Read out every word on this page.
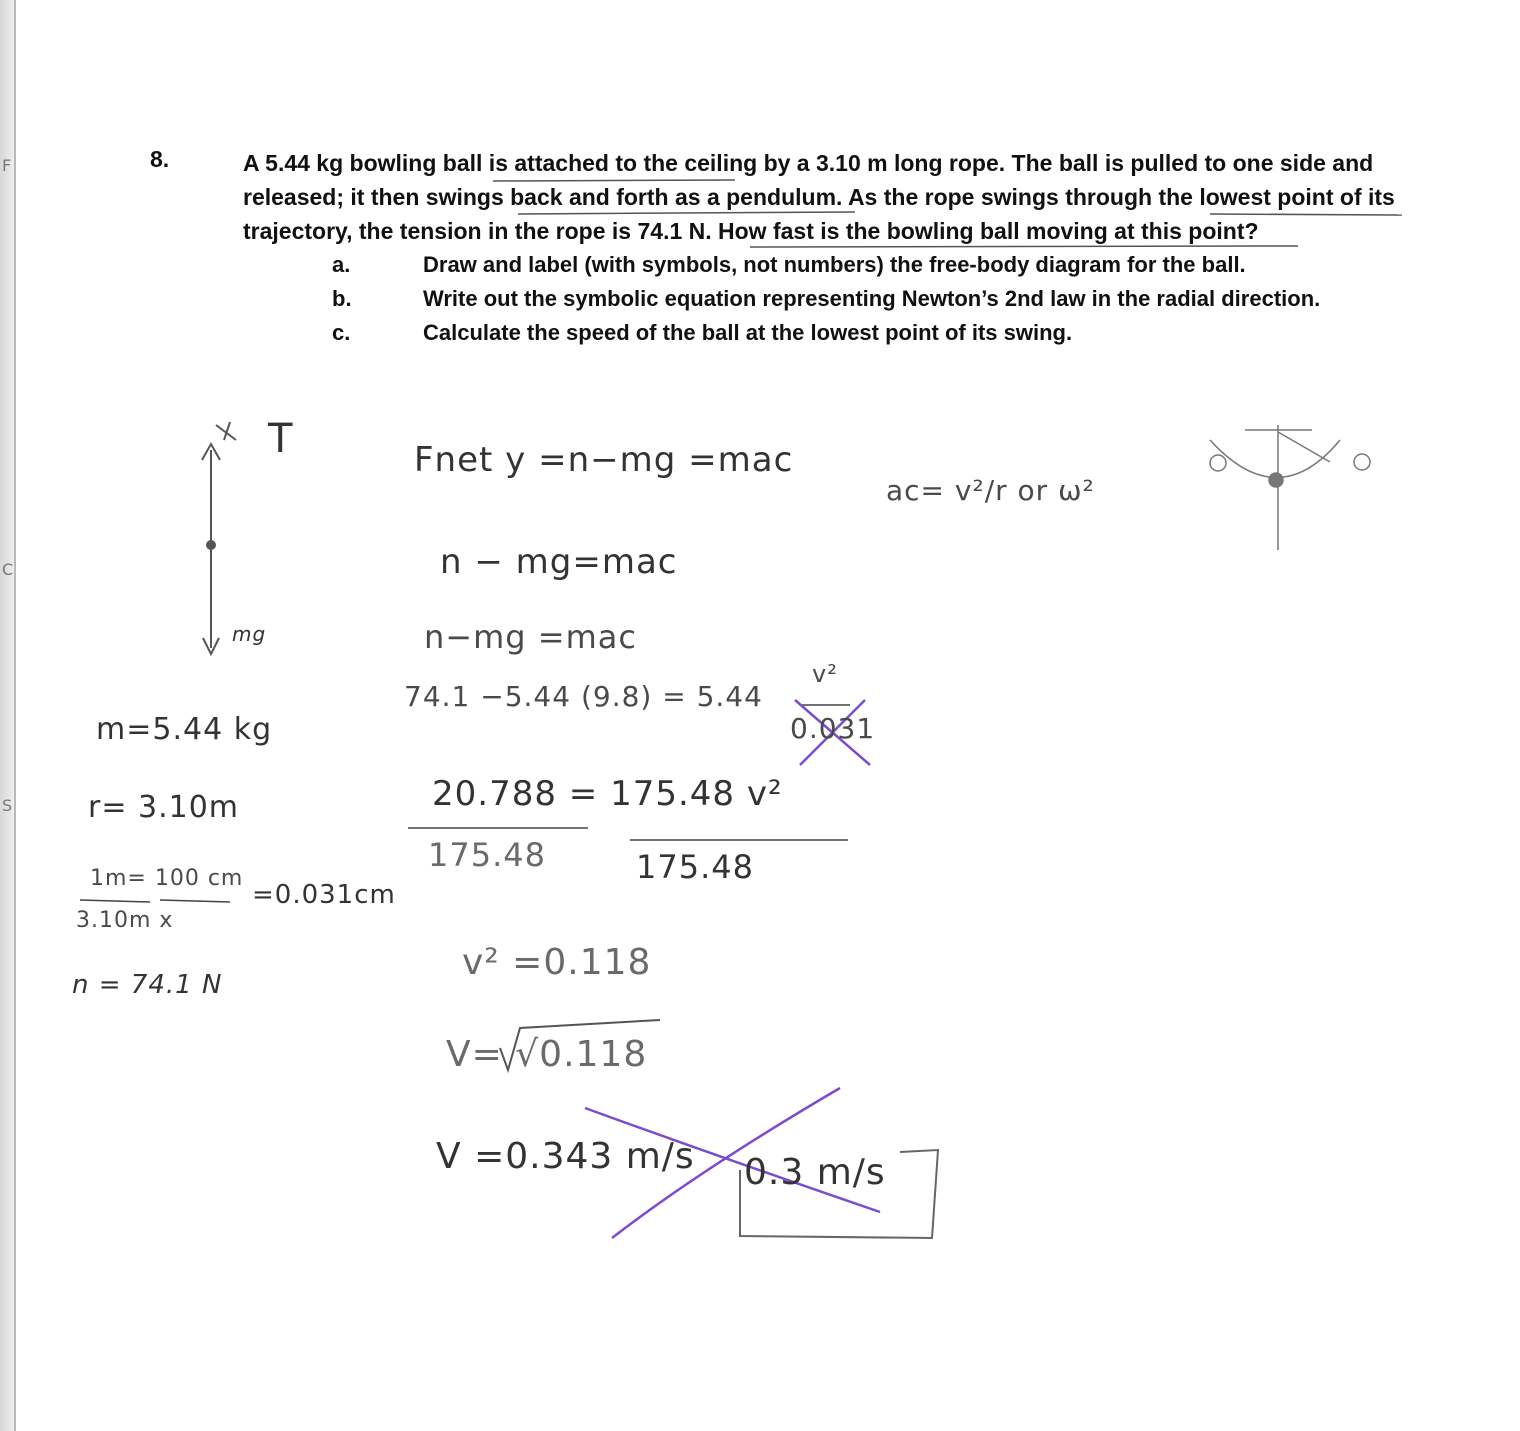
F
C
S
8.	A 5.44 kg bowling ball is attached to the ceiling by a 3.10 m long rope. The ball is pulled to one side and released; it then swings back and forth as a pendulum. As the rope swings through the lowest point of its trajectory, the tension in the rope is 74.1 N. How fast is the bowling ball moving at this point?
a.	Draw and label (with symbols, not numbers) the free-body diagram for the ball.
b.	Write out the symbolic equation representing Newton’s 2nd law in the radial direction.
c.	Calculate the speed of the ball at the lowest point of its swing.
T
mg
m=5.44 kg
r= 3.10m
1m= 100 cm
3.10m x
=0.031cm
n = 74.1 N
Fnet y =n−mg =mac
n − mg=mac
n−mg =mac
74.1 −5.44 (9.8) = 5.44
v²
0.031
20.788 = 175.48 v²
175.48	175.48
v² =0.118
V= √0.118
V =0.343 m/s 0.3 m/s
ac= v²/r or ω²
